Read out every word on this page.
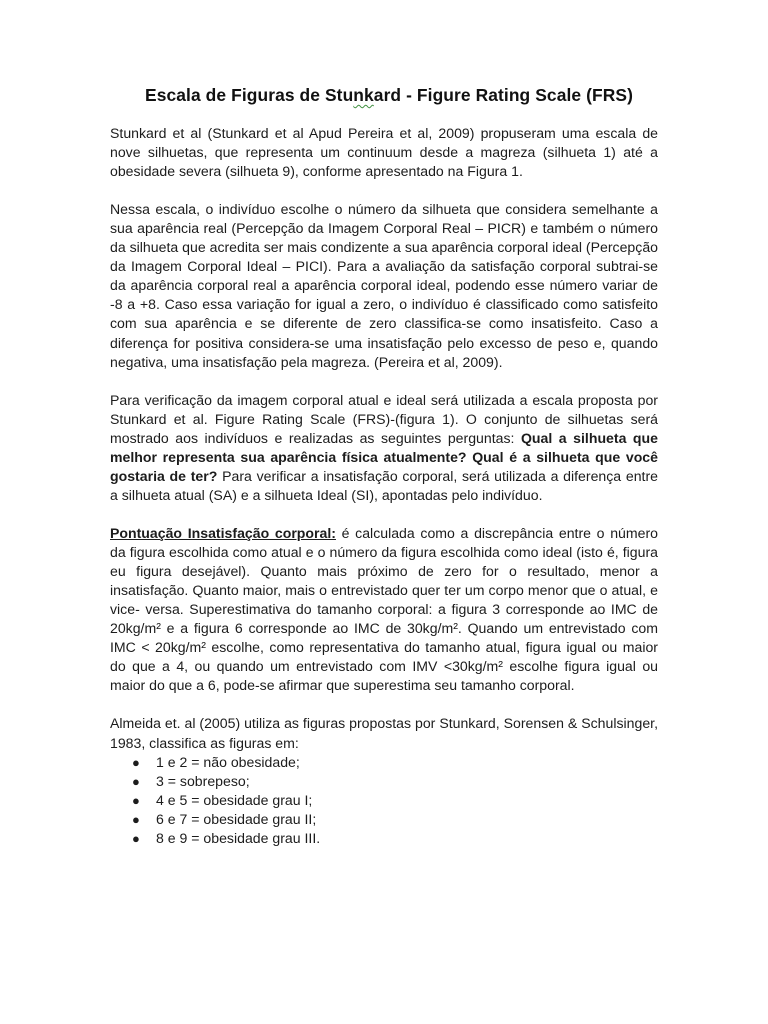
Escala de Figuras de Stunkard - Figure Rating Scale (FRS)

Stunkard et al (Stunkard et al Apud Pereira et al, 2009) propuseram uma escala de nove silhuetas, que representa um continuum desde a magreza (silhueta 1) até a obesidade severa (silhueta 9), conforme apresentado na Figura 1.

Nessa escala, o indivíduo escolhe o número da silhueta que considera semelhante a sua aparência real (Percepção da Imagem Corporal Real – PICR) e também o número da silhueta que acredita ser mais condizente a sua aparência corporal ideal (Percepção da Imagem Corporal Ideal – PICI). Para a avaliação da satisfação corporal subtrai-se da aparência corporal real a aparência corporal ideal, podendo esse número variar de -8 a +8. Caso essa variação for igual a zero, o indivíduo é classificado como satisfeito com sua aparência e se diferente de zero classifica-se como insatisfeito. Caso a diferença for positiva considera-se uma insatisfação pelo excesso de peso e, quando negativa, uma insatisfação pela magreza. (Pereira et al, 2009).

Para verificação da imagem corporal atual e ideal será utilizada a escala proposta por Stunkard et al. Figure Rating Scale (FRS)-(figura 1). O conjunto de silhuetas será mostrado aos indivíduos e realizadas as seguintes perguntas: Qual a silhueta que melhor representa sua aparência física atualmente? Qual é a silhueta que você gostaria de ter? Para verificar a insatisfação corporal, será utilizada a diferença entre a silhueta atual (SA) e a silhueta Ideal (SI), apontadas pelo indivíduo.

Pontuação Insatisfação corporal: é calculada como a discrepância entre o número da figura escolhida como atual e o número da figura escolhida como ideal (isto é, figura eu figura desejável). Quanto mais próximo de zero for o resultado, menor a insatisfação. Quanto maior, mais o entrevistado quer ter um corpo menor que o atual, e vice- versa. Superestimativa do tamanho corporal: a figura 3 corresponde ao IMC de 20kg/m² e a figura 6 corresponde ao IMC de 30kg/m². Quando um entrevistado com IMC < 20kg/m² escolhe, como representativa do tamanho atual, figura igual ou maior do que a 4, ou quando um entrevistado com IMV <30kg/m² escolhe figura igual ou maior do que a 6, pode-se afirmar que superestima seu tamanho corporal.

Almeida et. al (2005) utiliza as figuras propostas por Stunkard, Sorensen & Schulsinger, 1983, classifica as figuras em:

● 1 e 2 = não obesidade;
● 3 = sobrepeso;
● 4 e 5 = obesidade grau I;
● 6 e 7 = obesidade grau II;
● 8 e 9 = obesidade grau III.
